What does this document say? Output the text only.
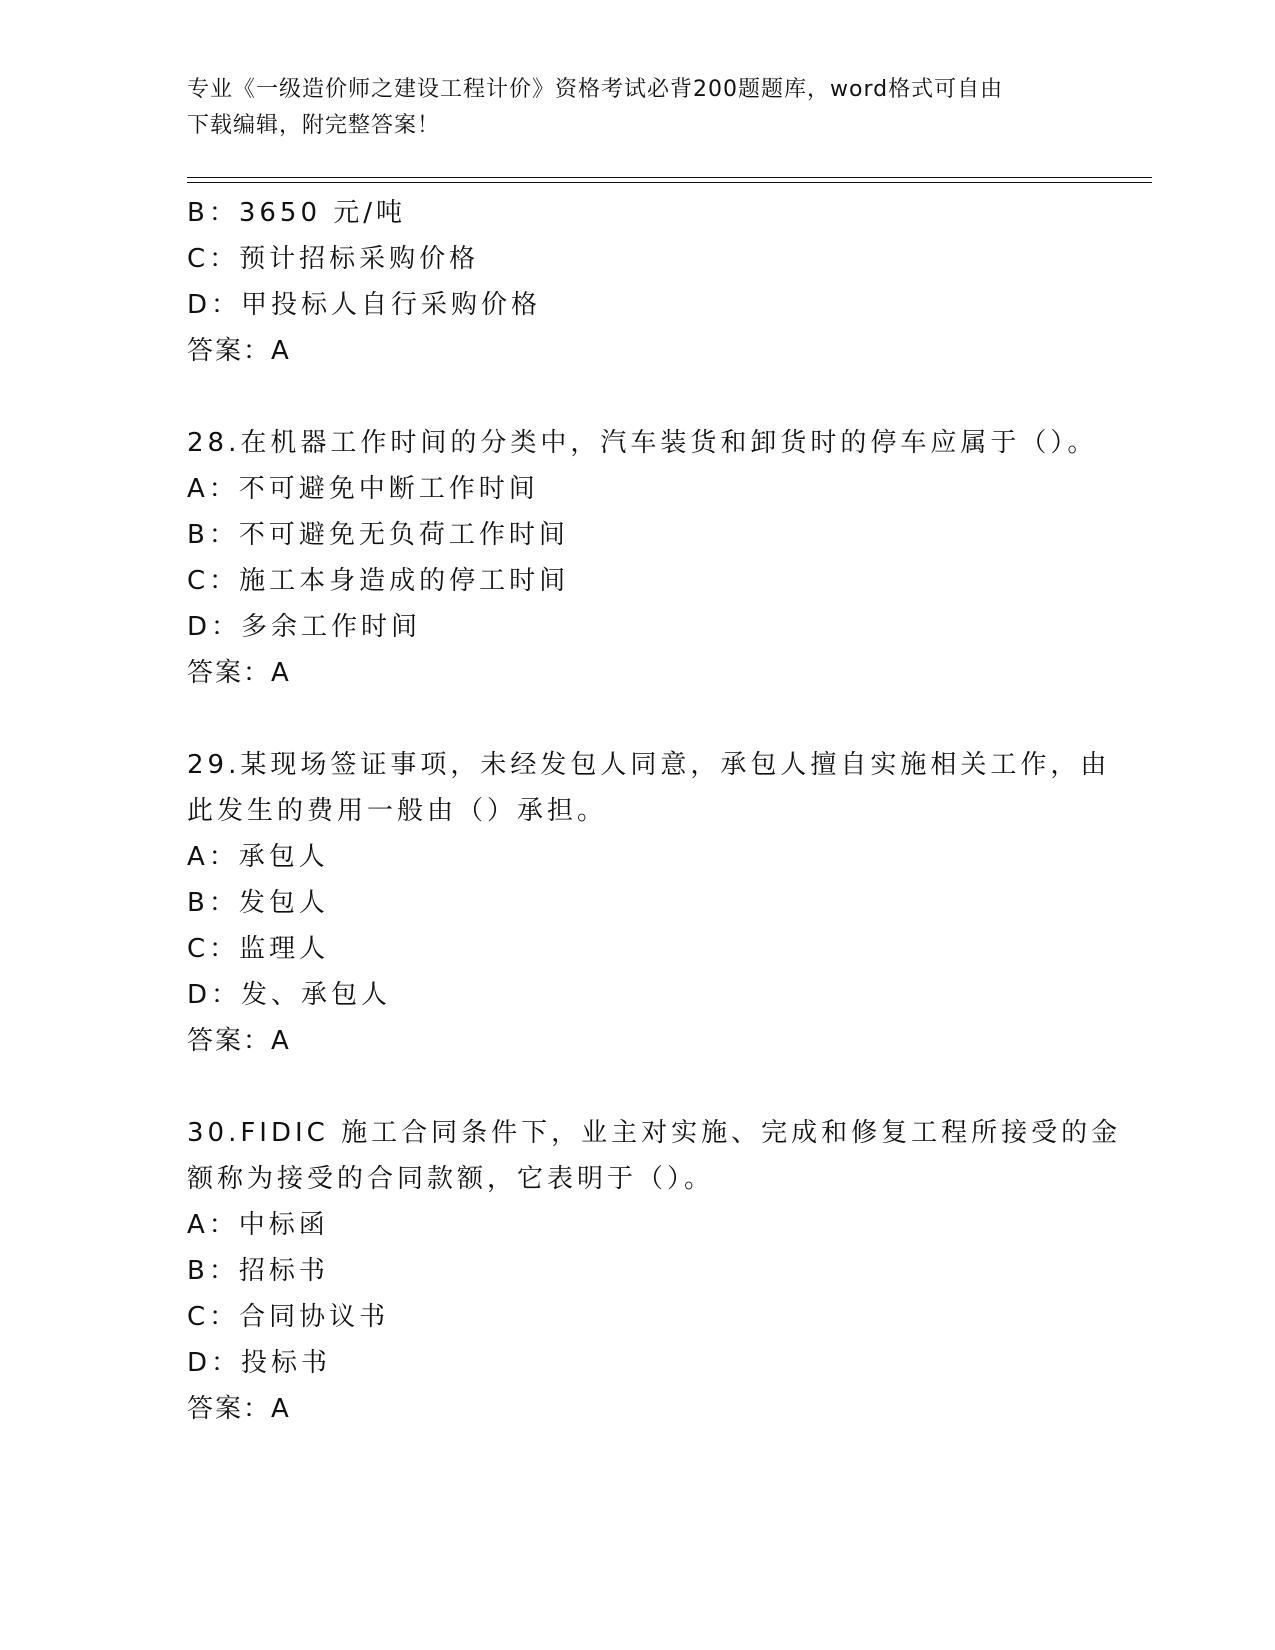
专业《一级造价师之建设工程计价》资格考试必背200题题库，word格式可自由
下载编辑，附完整答案！
B：3650 元/吨
C：预计招标采购价格
D：甲投标人自行采购价格
答案：A
28.在机器工作时间的分类中，汽车装货和卸货时的停车应属于（）。
A：不可避免中断工作时间
B：不可避免无负荷工作时间
C：施工本身造成的停工时间
D：多余工作时间
答案：A
29.某现场签证事项，未经发包人同意，承包人擅自实施相关工作，由
此发生的费用一般由（）承担。
A：承包人
B：发包人
C：监理人
D：发、承包人
答案：A
30.FIDIC 施工合同条件下，业主对实施、完成和修复工程所接受的金
额称为接受的合同款额，它表明于（）。
A：中标函
B：招标书
C：合同协议书
D：投标书
答案：A
